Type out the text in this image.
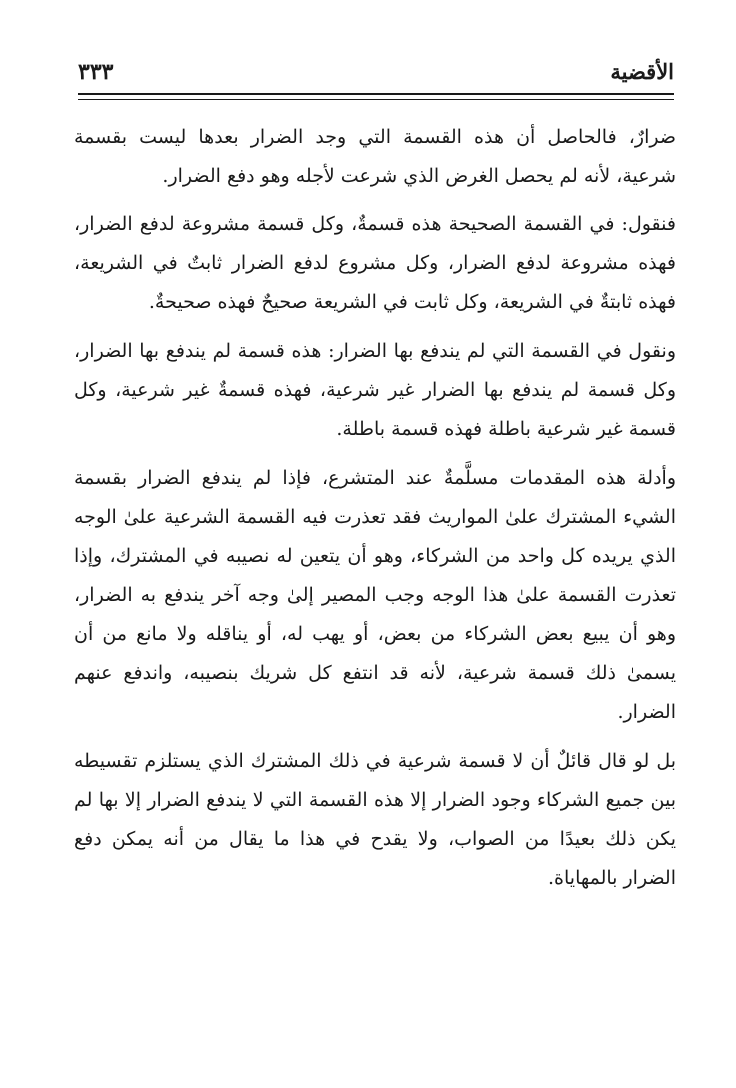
الأقضية
٣٣٣

ضرارٌ، فالحاصل أن هذه القسمة التي وجد الضرار بعدها ليست بقسمة شرعية، لأنه لم يحصل الغرض الذي شرعت لأجله وهو دفع الضرار.

فنقول: في القسمة الصحيحة هذه قسمةٌ، وكل قسمة مشروعة لدفع الضرار، فهذه مشروعة لدفع الضرار، وكل مشروع لدفع الضرار ثابتٌ في الشريعة، فهذه ثابتةٌ في الشريعة، وكل ثابت في الشريعة صحيحٌ فهذه صحيحةٌ.

ونقول في القسمة التي لم يندفع بها الضرار: هذه قسمة لم يندفع بها الضرار، وكل قسمة لم يندفع بها الضرار غير شرعية، فهذه قسمةٌ غير شرعية، وكل قسمة غير شرعية باطلة فهذه قسمة باطلة.

وأدلة هذه المقدمات مسلَّمةٌ عند المتشرع، فإذا لم يندفع الضرار بقسمة الشيء المشترك علىٰ المواريث فقد تعذرت فيه القسمة الشرعية علىٰ الوجه الذي يريده كل واحد من الشركاء، وهو أن يتعين له نصيبه في المشترك، وإذا تعذرت القسمة علىٰ هذا الوجه وجب المصير إلىٰ وجه آخر يندفع به الضرار، وهو أن يبيع بعض الشركاء من بعض، أو يهب له، أو يناقله ولا مانع من أن يسمىٰ ذلك قسمة شرعية، لأنه قد انتفع كل شريك بنصيبه، واندفع عنهم الضرار.

بل لو قال قائلٌ أن لا قسمة شرعية في ذلك المشترك الذي يستلزم تقسيطه بين جميع الشركاء وجود الضرار إلا هذه القسمة التي لا يندفع الضرار إلا بها لم يكن ذلك بعيدًا من الصواب، ولا يقدح في هذا ما يقال من أنه يمكن دفع الضرار بالمهاياة.
